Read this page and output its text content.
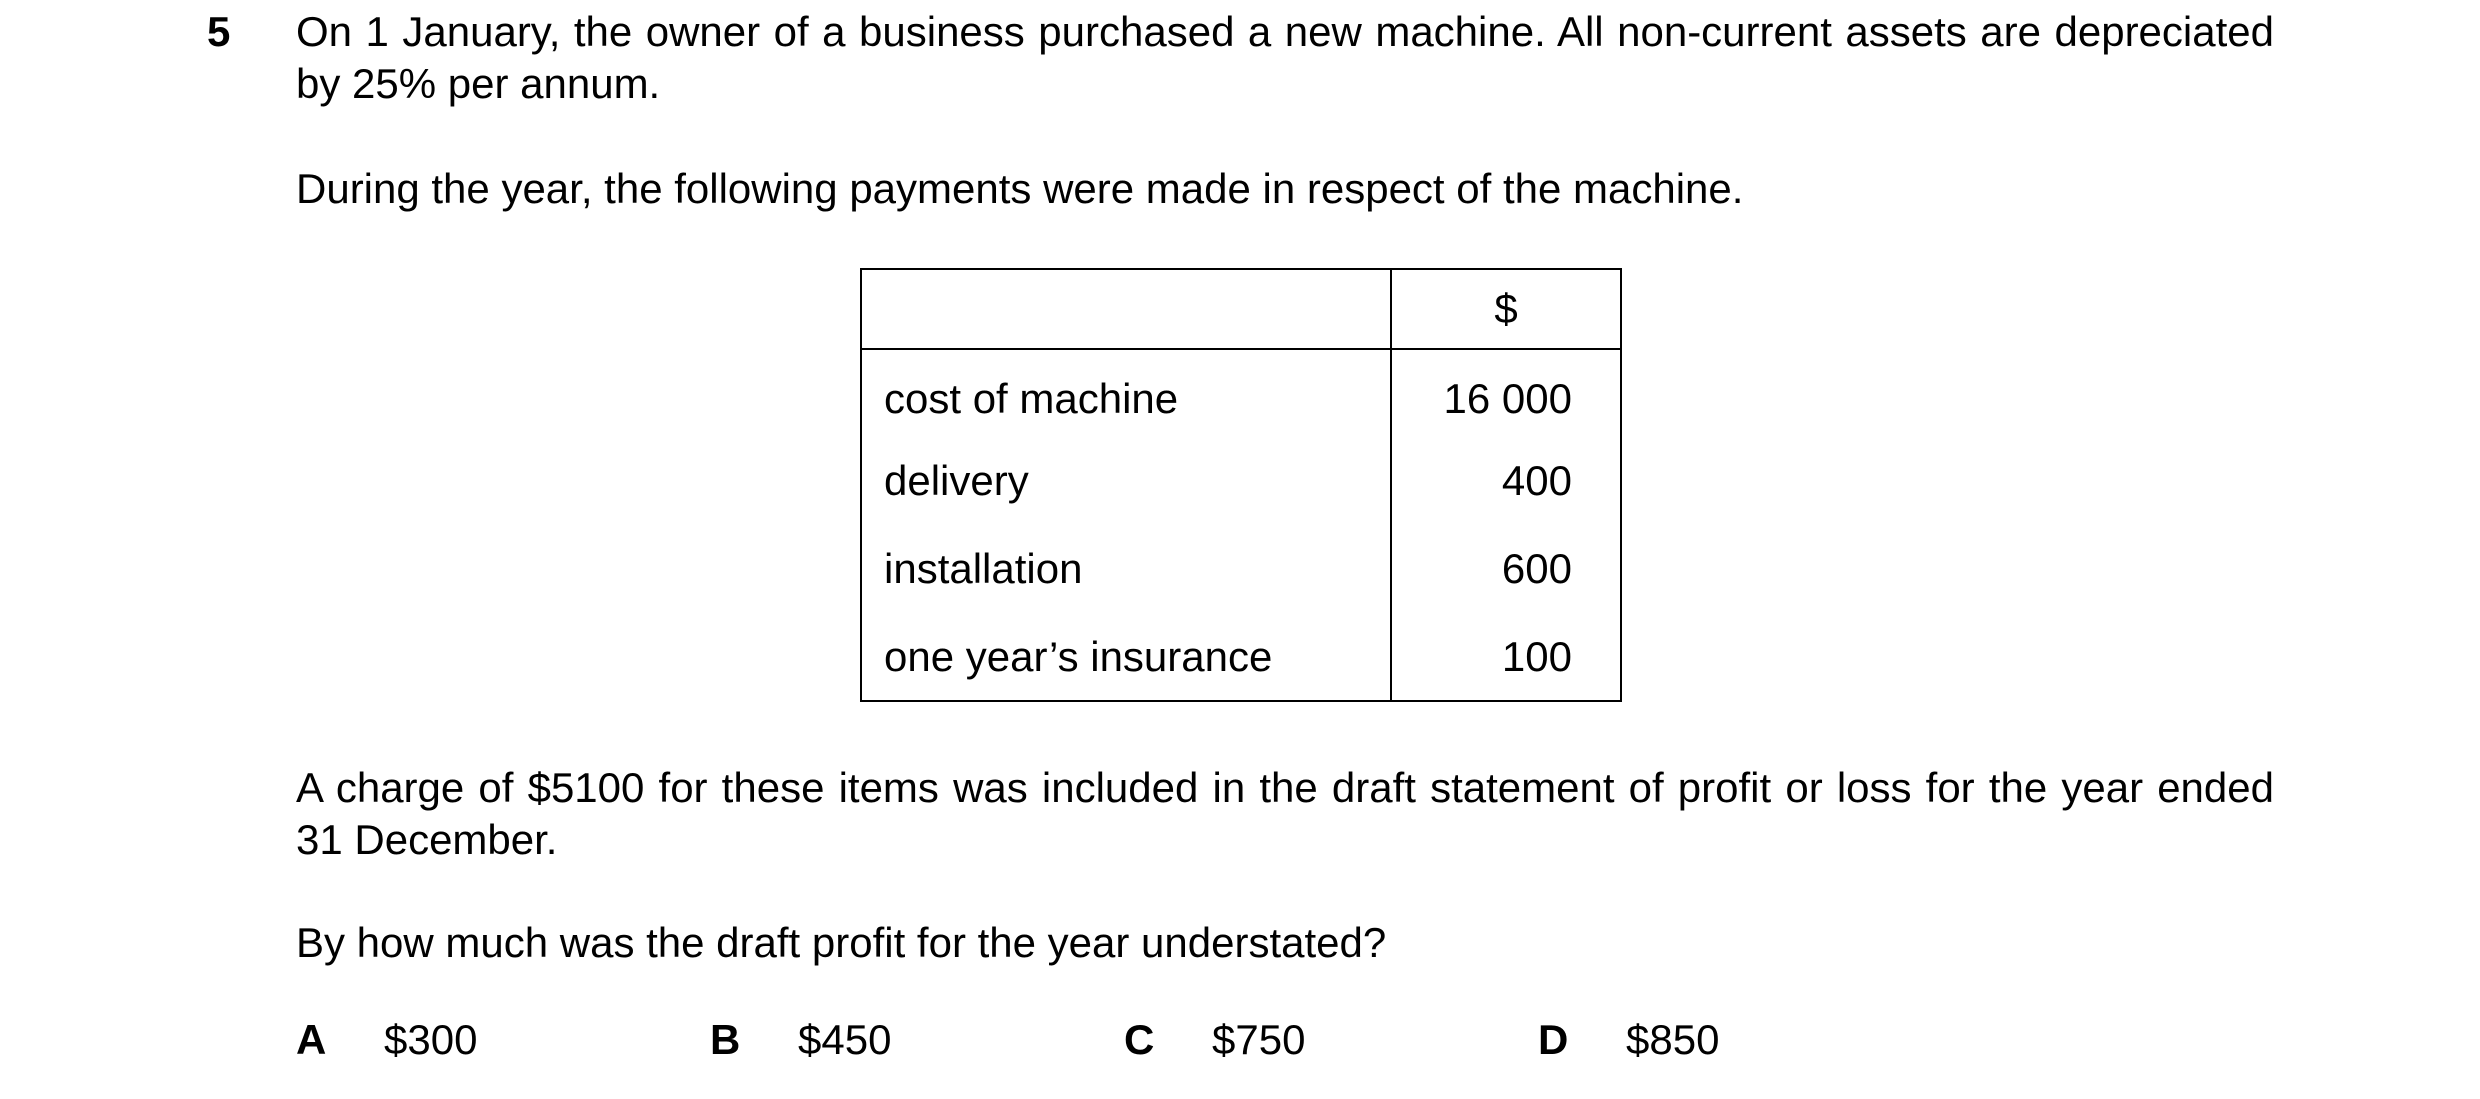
5 On 1 January, the owner of a business purchased a new machine. All non-current assets are depreciated by 25% per annum.

During the year, the following payments were made in respect of the machine.

	$
cost of machine	16 000
delivery	400
installation	600
one year’s insurance	100

A charge of $5100 for these items was included in the draft statement of profit or loss for the year ended 31 December.

By how much was the draft profit for the year understated?

A $300	B $450	C $750	D $850
